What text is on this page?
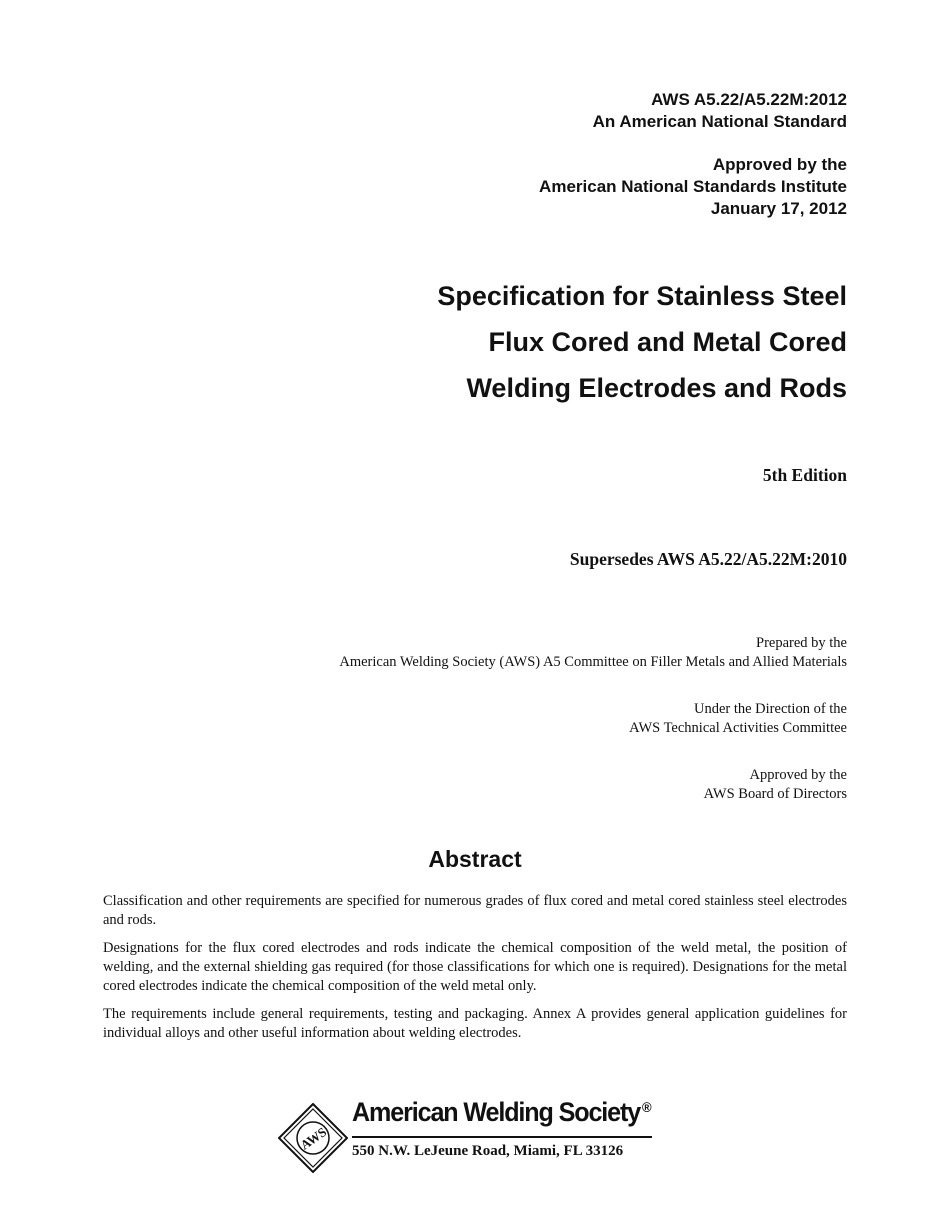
AWS A5.22/A5.22M:2012
An American National Standard
Approved by the
American National Standards Institute
January 17, 2012
Specification for Stainless Steel
Flux Cored and Metal Cored
Welding Electrodes and Rods
5th Edition
Supersedes AWS A5.22/A5.22M:2010
Prepared by the
American Welding Society (AWS) A5 Committee on Filler Metals and Allied Materials
Under the Direction of the
AWS Technical Activities Committee
Approved by the
AWS Board of Directors
Abstract

Classification and other requirements are specified for numerous grades of flux cored and metal cored stainless steel electrodes and rods.

Designations for the flux cored electrodes and rods indicate the chemical composition of the weld metal, the position of welding, and the external shielding gas required (for those classifications for which one is required). Designations for the metal cored electrodes indicate the chemical composition of the weld metal only.

The requirements include general requirements, testing and packaging. Annex A provides general application guidelines for individual alloys and other useful information about welding electrodes.

AWS
American Welding Society ®
550 N.W. LeJeune Road, Miami, FL 33126
